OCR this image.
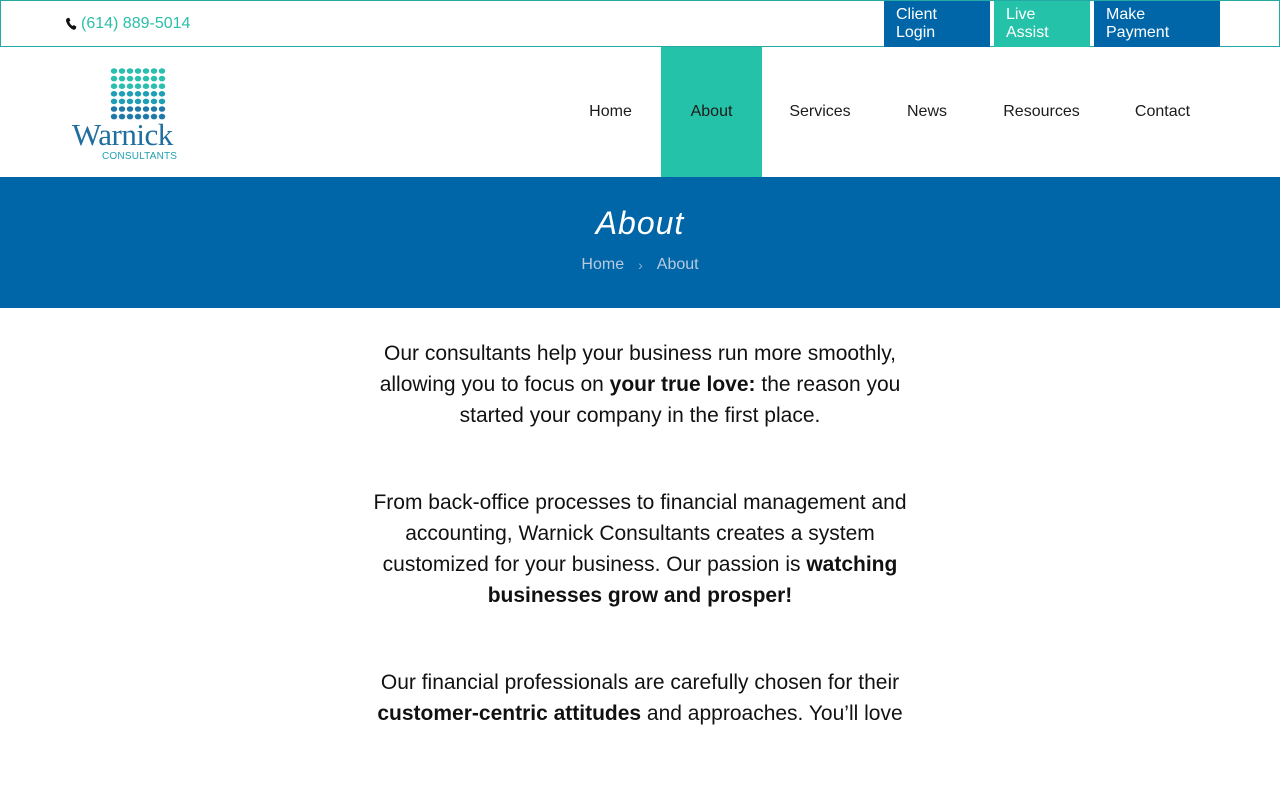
(614) 889-5014
Client Login
Live Assist
Make Payment
Warnick
CONSULTANTS
Home	About	Services	News	Resources	Contact
About
Home › About

Our consultants help your business run more smoothly, allowing you to focus on your true love: the reason you started your company in the first place.

From back-office processes to financial management and accounting, Warnick Consultants creates a system customized for your business. Our passion is watching businesses grow and prosper!

Our financial professionals are carefully chosen for their customer-centric attitudes and approaches. You’ll love
